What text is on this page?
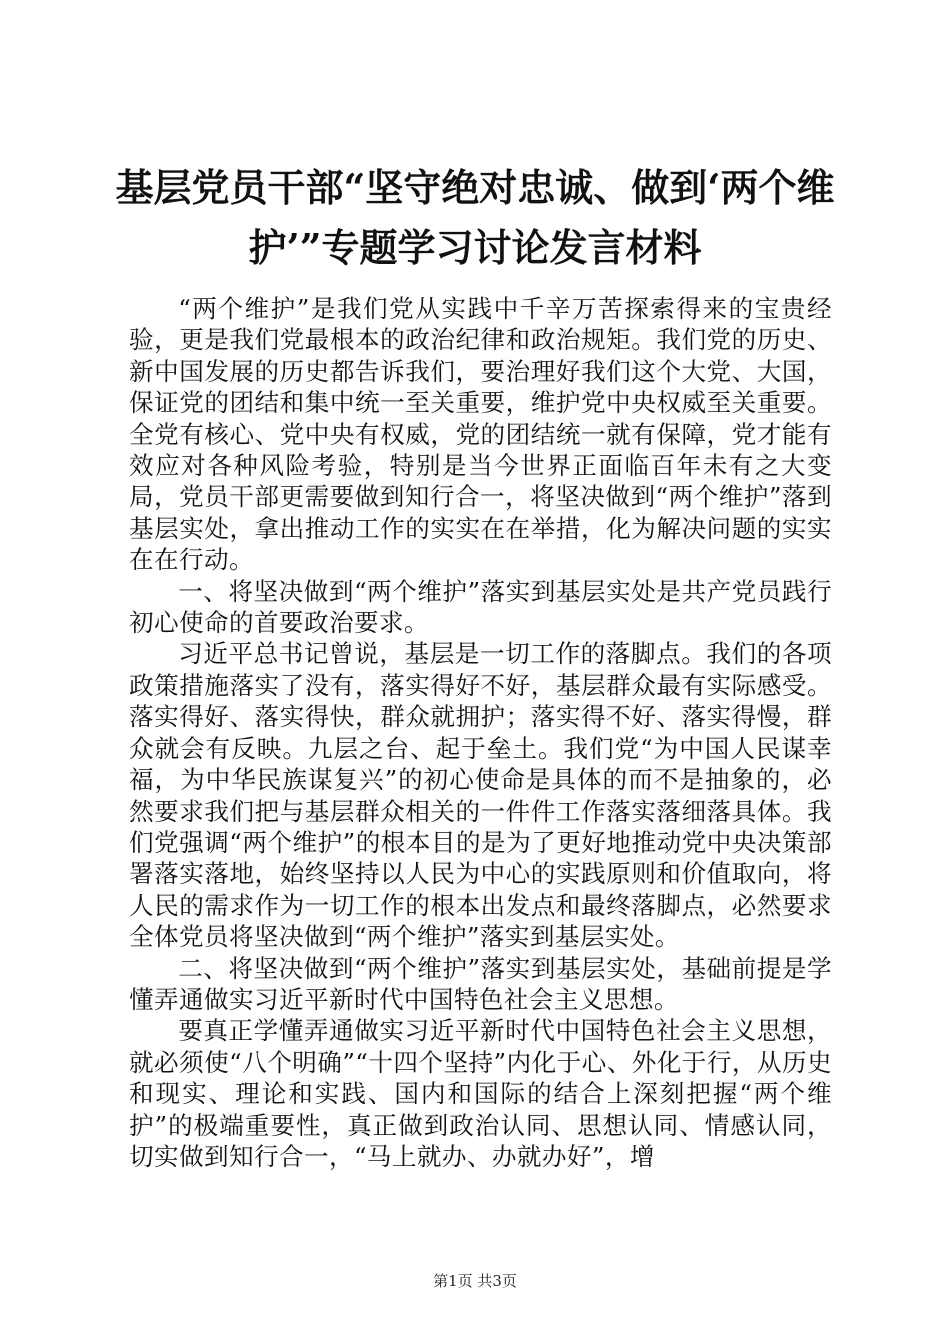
基层党员干部“坚守绝对忠诚、做到‘两个维
护’”专题学习讨论发言材料

“两个维护”是我们党从实践中千辛万苦探索得来的宝贵经验，更是我们党最根本的政治纪律和政治规矩。我们党的历史、新中国发展的历史都告诉我们，要治理好我们这个大党、大国，保证党的团结和集中统一至关重要，维护党中央权威至关重要。全党有核心、党中央有权威，党的团结统一就有保障，党才能有效应对各种风险考验，特别是当今世界正面临百年未有之大变局，党员干部更需要做到知行合一，将坚决做到“两个维护”落到基层实处，拿出推动工作的实实在在举措，化为解决问题的实实在在行动。

一、将坚决做到“两个维护”落实到基层实处是共产党员践行初心使命的首要政治要求。

习近平总书记曾说，基层是一切工作的落脚点。我们的各项政策措施落实了没有，落实得好不好，基层群众最有实际感受。落实得好、落实得快，群众就拥护；落实得不好、落实得慢，群众就会有反映。九层之台、起于垒土。我们党“为中国人民谋幸福，为中华民族谋复兴”的初心使命是具体的而不是抽象的，必然要求我们把与基层群众相关的一件件工作落实落细落具体。我们党强调“两个维护”的根本目的是为了更好地推动党中央决策部署落实落地，始终坚持以人民为中心的实践原则和价值取向，将人民的需求作为一切工作的根本出发点和最终落脚点，必然要求全体党员将坚决做到“两个维护”落实到基层实处。

二、将坚决做到“两个维护”落实到基层实处，基础前提是学懂弄通做实习近平新时代中国特色社会主义思想。

要真正学懂弄通做实习近平新时代中国特色社会主义思想，就必须使“八个明确”“十四个坚持”内化于心、外化于行，从历史和现实、理论和实践、国内和国际的结合上深刻把握“两个维护”的极端重要性，真正做到政治认同、思想认同、情感认同，切实做到知行合一，“马上就办、办就办好”，增

第1页 共3页
